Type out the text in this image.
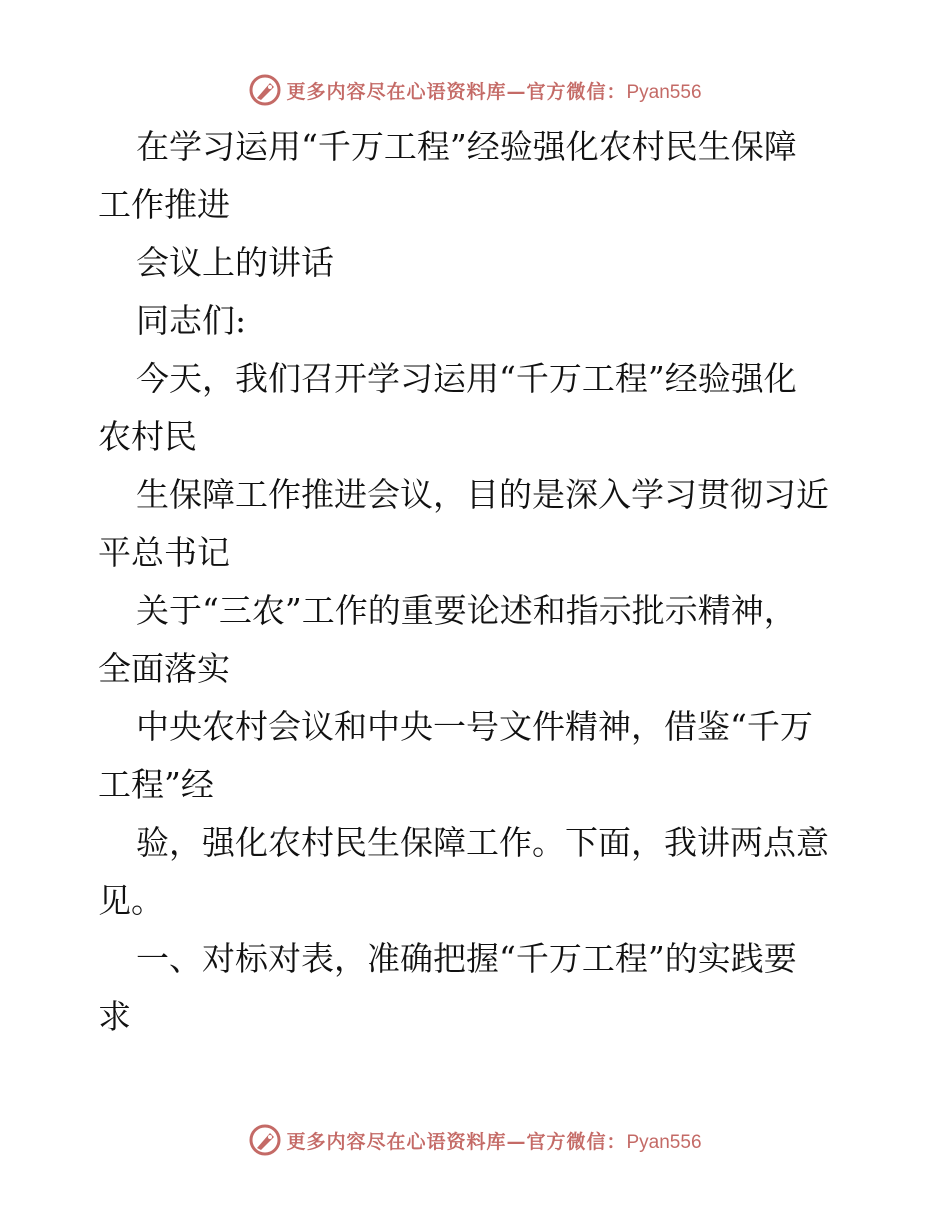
更多内容尽在心语资料库—官方微信：Pyan556
在学习运用“千万工程”经验强化农村民生保障
工作推进
会议上的讲话
同志们:
今天，我们召开学习运用“千万工程”经验强化
农村民
生保障工作推进会议，目的是深入学习贯彻习近
平总书记
关于“三农”工作的重要论述和指示批示精神，
全面落实
中央农村会议和中央一号文件精神，借鉴“千万
工程”经
验，强化农村民生保障工作。下面，我讲两点意
见。
一、对标对表，准确把握“千万工程”的实践要
求
更多内容尽在心语资料库—官方微信：Pyan556
